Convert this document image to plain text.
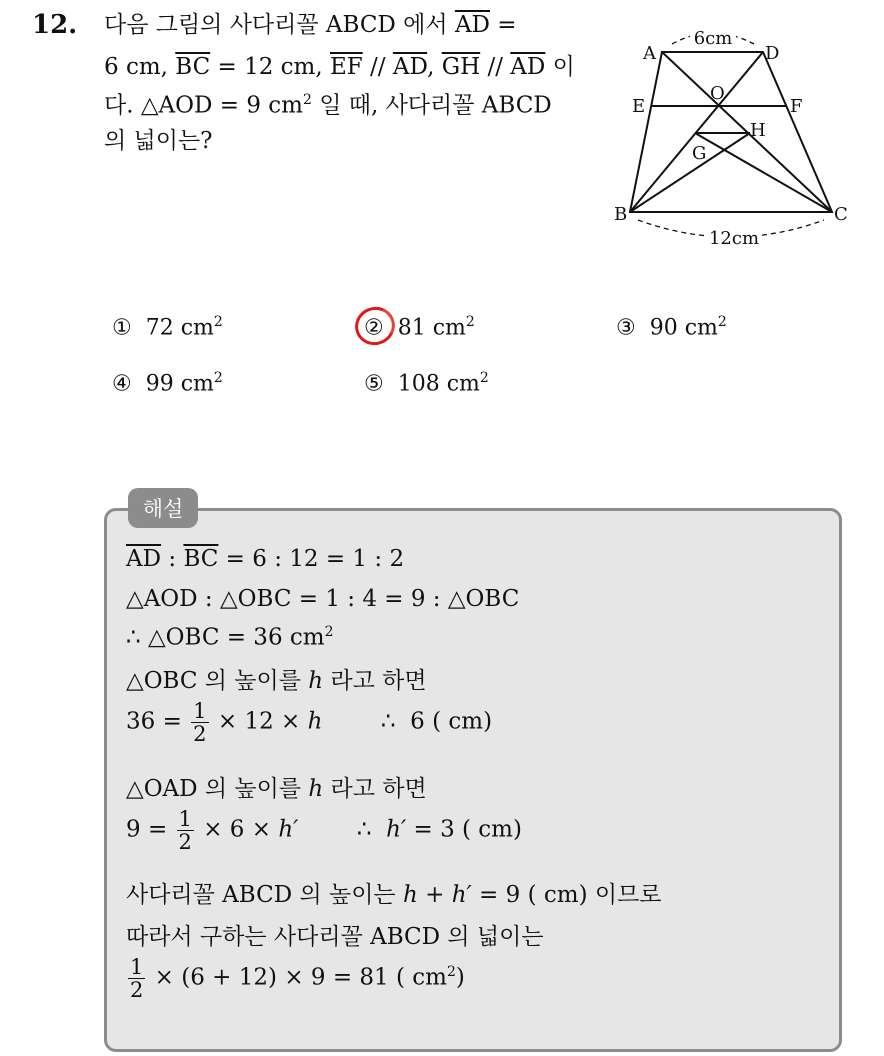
12. 다음 그림의 사다리꼴 ABCD 에서 $\overline{AD}$ =
6 cm, $\overline{BC} = 12$ cm, $\overline{EF} // \overline{AD}$, $\overline{GH} // \overline{AD}$ 이
다. △AOD = 9 $cm^2$ 일 때, 사다리꼴 ABCD
의 넓이는?
6cm
12cm
A	D
E	F
O
H
G
B	C
① 72 $cm^2$	② 81 $cm^2$	③ 90 $cm^2$
④ 99 $cm^2$	⑤ 108 $cm^2$
해설
$\overline{AD}$ : $\overline{BC} = 6$ : 12 = 1 : 2
△AOD : △OBC = 1 : 4 = 9 : △OBC
∴ △OBC = 36 $cm^2$
△OBC 의 높이를 h 라고 하면
$36 = \frac{1}{2} \times 12 \times h$        ∴  6 ( cm)
△OAD 의 높이를 h 라고 하면
$9 = \frac{1}{2} \times 6 \times h'$        ∴  h′ = 3 ( cm)
사다리꼴 ABCD 의 높이는 h + h′ = 9 ( cm) 이므로
따라서 구하는 사다리꼴 ABCD 의 넓이는
$\frac{1}{2} \times (6 + 12) \times 9 = 81$ ( $cm^2$)
